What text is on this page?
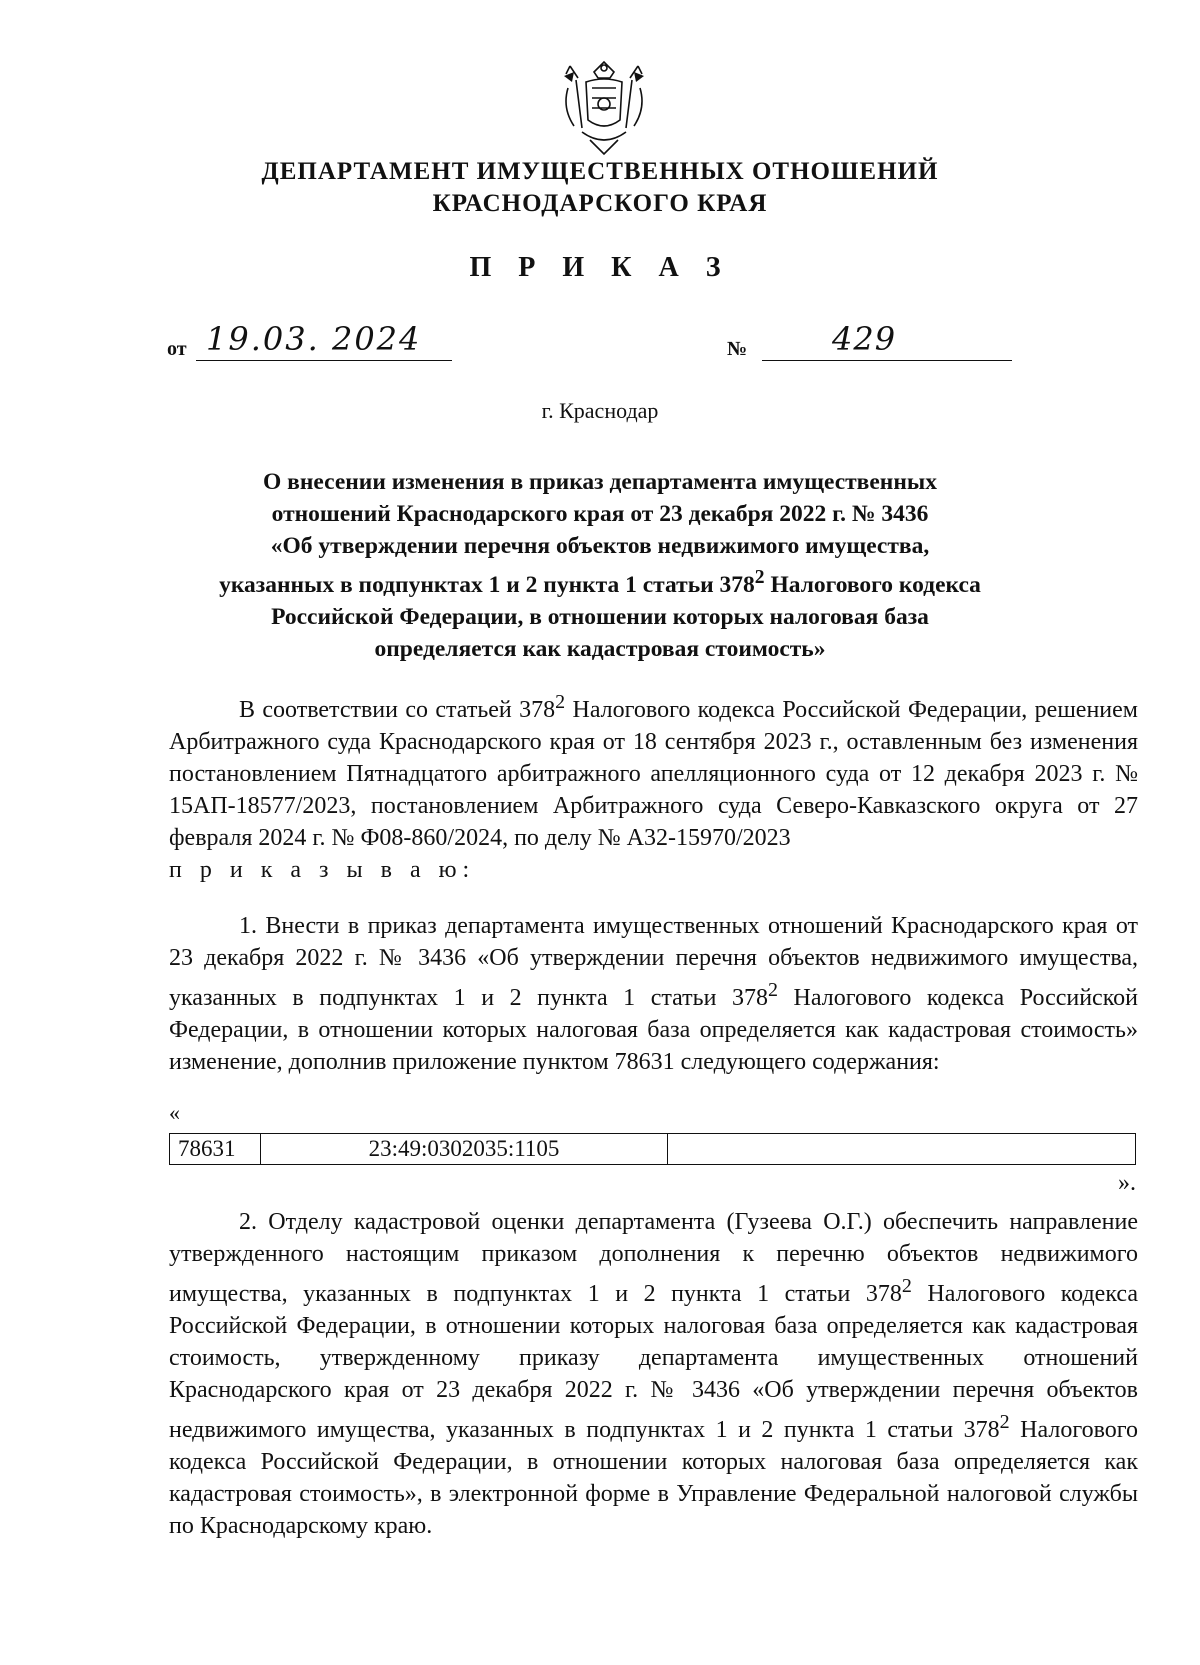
ДЕПАРТАМЕНТ ИМУЩЕСТВЕННЫХ ОТНОШЕНИЙ
КРАСНОДАРСКОГО КРАЯ
П Р И К А З
от 19.03. 2024	№	429
г. Краснодар
О внесении изменения в приказ департамента имущественных
отношений Краснодарского края от 23 декабря 2022 г. № 3436
«Об утверждении перечня объектов недвижимого имущества,
указанных в подпунктах 1 и 2 пункта 1 статьи $378^2$ Налогового кодекса
Российской Федерации, в отношении которых налоговая база
определяется как кадастровая стоимость»
В соответствии со статьей $378^2$ Налогового кодекса Российской Федерации, решением Арбитражного суда Краснодарского края от 18 сентября 2023 г., оставленным без изменения постановлением Пятнадцатого арбитражного апелляционного суда от 12 декабря 2023 г. № 15АП-18577/2023, постановлением Арбитражного суда Северо-Кавказского округа от 27 февраля 2024 г. № Ф08-860/2024, по делу № А32-15970/2023
п р и к а з ы в а ю:
1. Внести в приказ департамента имущественных отношений Краснодарского края от 23 декабря 2022 г. № 3436 «Об утверждении перечня объектов недвижимого имущества, указанных в подпунктах 1 и 2 пункта 1 статьи $378^2$ Налогового кодекса Российской Федерации, в отношении которых налоговая база определяется как кадастровая стоимость» изменение, дополнив приложение пунктом 78631 следующего содержания:
«
78631	23:49:0302035:1105	
».
2. Отделу кадастровой оценки департамента (Гузеева О.Г.) обеспечить направление утвержденного настоящим приказом дополнения к перечню объектов недвижимого имущества, указанных в подпунктах 1 и 2 пункта 1 статьи $378^2$ Налогового кодекса Российской Федерации, в отношении которых налоговая база определяется как кадастровая стоимость, утвержденному приказу департамента имущественных отношений Краснодарского края от 23 декабря 2022 г. № 3436 «Об утверждении перечня объектов недвижимого имущества, указанных в подпунктах 1 и 2 пункта 1 статьи $378^2$ Налогового кодекса Российской Федерации, в отношении которых налоговая база определяется как кадастровая стоимость», в электронной форме в Управление Федеральной налоговой службы по Краснодарскому краю.
